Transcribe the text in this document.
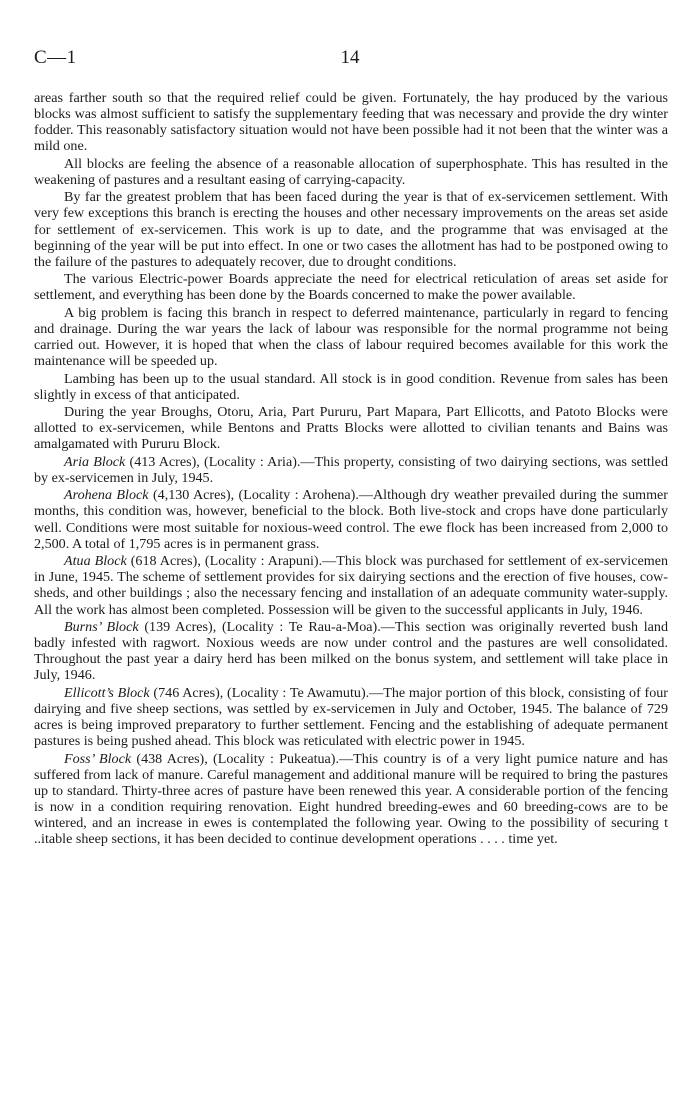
C—1	14

areas farther south so that the required relief could be given. Fortunately, the hay produced by the various blocks was almost sufficient to satisfy the supplementary feeding that was necessary and provide the dry winter fodder. This reasonably satisfactory situation would not have been possible had it not been that the winter was a mild one.

All blocks are feeling the absence of a reasonable allocation of superphosphate. This has resulted in the weakening of pastures and a resultant easing of carrying-capacity.

By far the greatest problem that has been faced during the year is that of ex-servicemen settlement. With very few exceptions this branch is erecting the houses and other necessary improvements on the areas set aside for settlement of ex-servicemen. This work is up to date, and the programme that was envisaged at the beginning of the year will be put into effect. In one or two cases the allotment has had to be postponed owing to the failure of the pastures to adequately recover, due to drought conditions.

The various Electric-power Boards appreciate the need for electrical reticulation of areas set aside for settlement, and everything has been done by the Boards concerned to make the power available.

A big problem is facing this branch in respect to deferred maintenance, particularly in regard to fencing and drainage. During the war years the lack of labour was responsible for the normal programme not being carried out. However, it is hoped that when the class of labour required becomes available for this work the maintenance will be speeded up.

Lambing has been up to the usual standard. All stock is in good condition. Revenue from sales has been slightly in excess of that anticipated.

During the year Broughs, Otoru, Aria, Part Pururu, Part Mapara, Part Ellicotts, and Patoto Blocks were allotted to ex-servicemen, while Bentons and Pratts Blocks were allotted to civilian tenants and Bains was amalgamated with Pururu Block.

Aria Block (413 Acres), (Locality : Aria).—This property, consisting of two dairying sections, was settled by ex-servicemen in July, 1945.

Arohena Block (4,130 Acres), (Locality : Arohena).—Although dry weather prevailed during the summer months, this condition was, however, beneficial to the block. Both live-stock and crops have done particularly well. Conditions were most suitable for noxious-weed control. The ewe flock has been increased from 2,000 to 2,500. A total of 1,795 acres is in permanent grass.

Atua Block (618 Acres), (Locality : Arapuni).—This block was purchased for settlement of ex-servicemen in June, 1945. The scheme of settlement provides for six dairying sections and the erection of five houses, cow-sheds, and other buildings ; also the necessary fencing and installation of an adequate community water-supply. All the work has almost been completed. Possession will be given to the successful applicants in July, 1946.

Burns’ Block (139 Acres), (Locality : Te Rau-a-Moa).—This section was originally reverted bush land badly infested with ragwort. Noxious weeds are now under control and the pastures are well consolidated. Throughout the past year a dairy herd has been milked on the bonus system, and settlement will take place in July, 1946.

Ellicott’s Block (746 Acres), (Locality : Te Awamutu).—The major portion of this block, consisting of four dairying and five sheep sections, was settled by ex-servicemen in July and October, 1945. The balance of 729 acres is being improved preparatory to further settlement. Fencing and the establishing of adequate permanent pastures is being pushed ahead. This block was reticulated with electric power in 1945.

Foss’ Block (438 Acres), (Locality : Pukeatua).—This country is of a very light pumice nature and has suffered from lack of manure. Careful management and additional manure will be required to bring the pastures up to standard. Thirty-three acres of pasture have been renewed this year. A considerable portion of the fencing is now in a condition requiring renovation. Eight hundred breeding-ewes and 60 breeding-cows are to be wintered, and an increase in ewes is contemplated the following year. Owing to the possibility of securing t ..itable sheep sections, it has been decided to continue development operations . . . . time yet.
